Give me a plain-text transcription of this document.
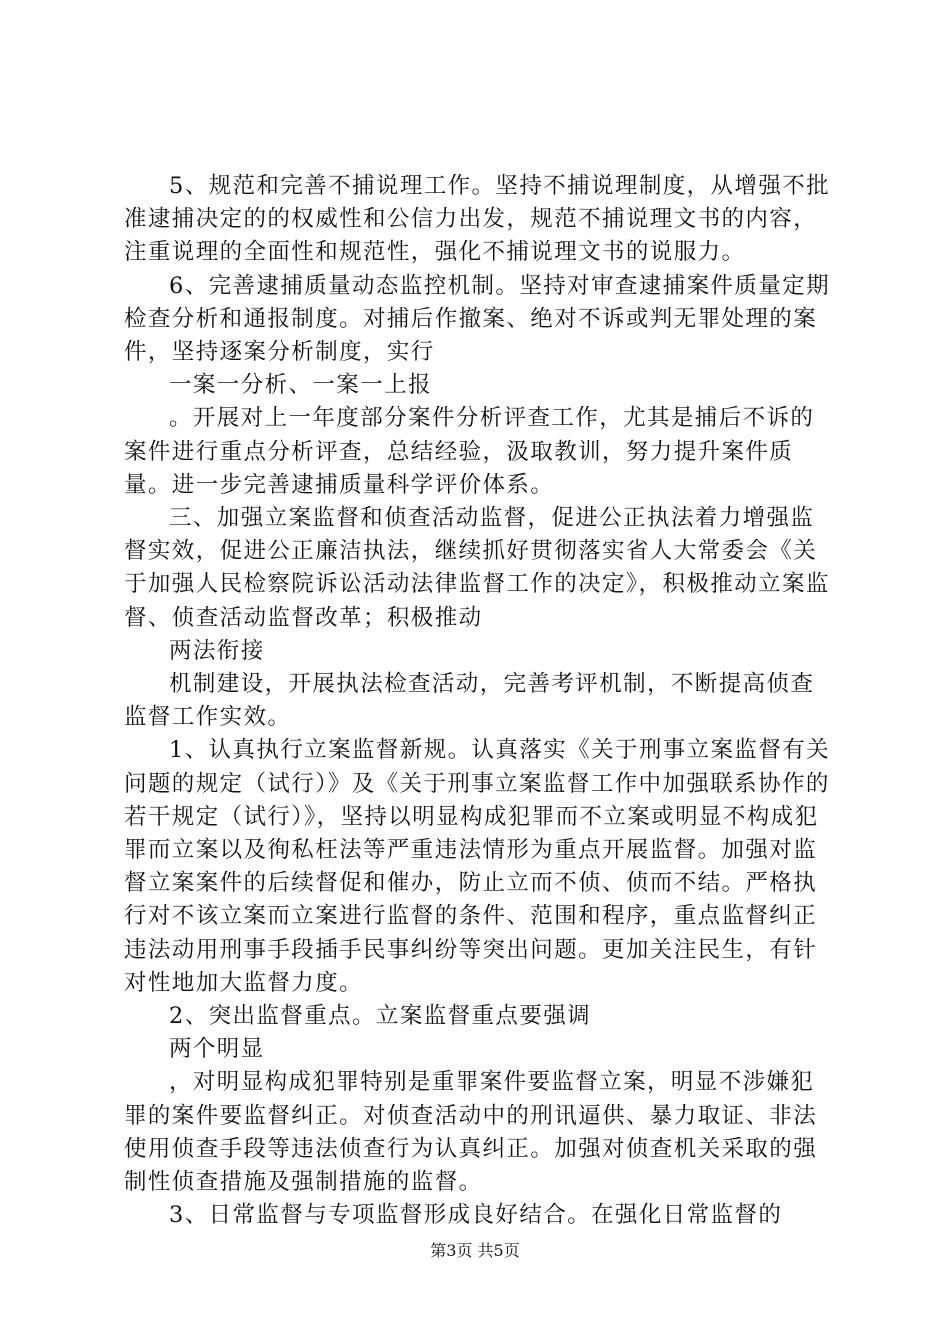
5、规范和完善不捕说理工作。坚持不捕说理制度，从增强不批准逮捕决定的的权威性和公信力出发，规范不捕说理文书的内容，注重说理的全面性和规范性，强化不捕说理文书的说服力。

6、完善逮捕质量动态监控机制。坚持对审查逮捕案件质量定期检查分析和通报制度。对捕后作撤案、绝对不诉或判无罪处理的案件，坚持逐案分析制度，实行

一案一分析、一案一上报

。开展对上一年度部分案件分析评查工作，尤其是捕后不诉的案件进行重点分析评查，总结经验，汲取教训，努力提升案件质量。进一步完善逮捕质量科学评价体系。

三、加强立案监督和侦查活动监督，促进公正执法着力增强监督实效，促进公正廉洁执法，继续抓好贯彻落实省人大常委会《关于加强人民检察院诉讼活动法律监督工作的决定》，积极推动立案监督、侦查活动监督改革；积极推动

两法衔接

机制建设，开展执法检查活动，完善考评机制，不断提高侦查监督工作实效。

1、认真执行立案监督新规。认真落实《关于刑事立案监督有关问题的规定（试行）》及《关于刑事立案监督工作中加强联系协作的若干规定（试行）》，坚持以明显构成犯罪而不立案或明显不构成犯罪而立案以及徇私枉法等严重违法情形为重点开展监督。加强对监督立案案件的后续督促和催办，防止立而不侦、侦而不结。严格执行对不该立案而立案进行监督的条件、范围和程序，重点监督纠正违法动用刑事手段插手民事纠纷等突出问题。更加关注民生，有针对性地加大监督力度。

2、突出监督重点。立案监督重点要强调

两个明显

，对明显构成犯罪特别是重罪案件要监督立案，明显不涉嫌犯罪的案件要监督纠正。对侦查活动中的刑讯逼供、暴力取证、非法使用侦查手段等违法侦查行为认真纠正。加强对侦查机关采取的强制性侦查措施及强制措施的监督。

3、日常监督与专项监督形成良好结合。在强化日常监督的

第3页 共5页
